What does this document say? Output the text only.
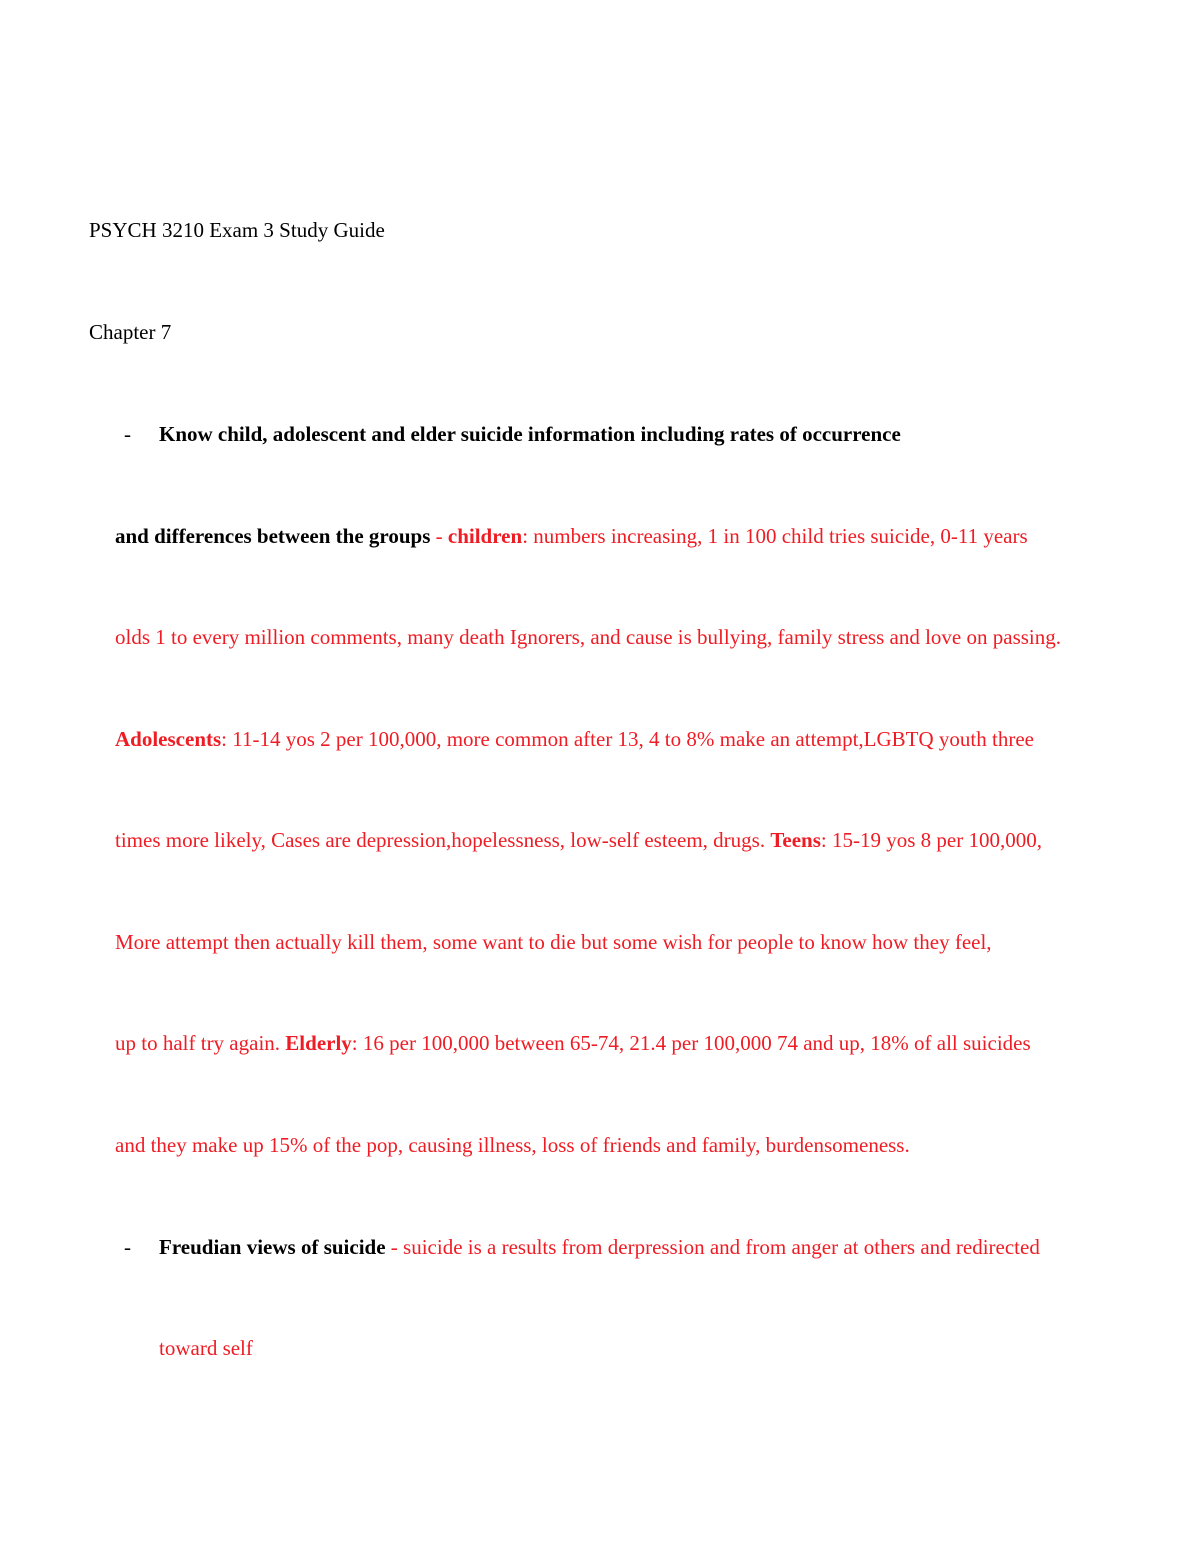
PSYCH 3210 Exam 3 Study Guide
Chapter 7
- Know child, adolescent and elder suicide information including rates of occurrence
and differences between the groups - children: numbers increasing, 1 in 100 child tries suicide, 0-11 years
olds 1 to every million comments, many death Ignorers, and cause is bullying, family stress and love on passing.
Adolescents: 11-14 yos 2 per 100,000, more common after 13, 4 to 8% make an attempt,LGBTQ youth three
times more likely, Cases are depression,hopelessness, low-self esteem, drugs. Teens: 15-19 yos 8 per 100,000,
More attempt then actually kill them, some want to die but some wish for people to know how they feel,
up to half try again. Elderly: 16 per 100,000 between 65-74, 21.4 per 100,000 74 and up, 18% of all suicides
and they make up 15% of the pop, causing illness, loss of friends and family, burdensomeness.
- Freudian views of suicide - suicide is a results from derpression and from anger at others and redirected
toward self
